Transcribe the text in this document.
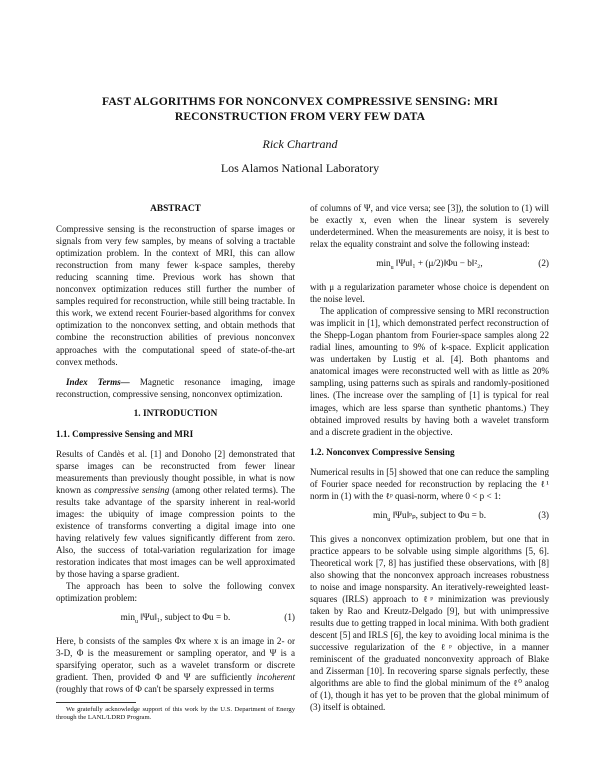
FAST ALGORITHMS FOR NONCONVEX COMPRESSIVE SENSING: MRI
RECONSTRUCTION FROM VERY FEW DATA
Rick Chartrand
Los Alamos National Laboratory
ABSTRACT

Compressive sensing is the reconstruction of sparse images or signals from very few samples, by means of solving a tractable optimization problem. In the context of MRI, this can allow reconstruction from many fewer k-space samples, thereby reducing scanning time. Previous work has shown that nonconvex optimization reduces still further the number of samples required for reconstruction, while still being tractable. In this work, we extend recent Fourier-based algorithms for convex optimization to the nonconvex setting, and obtain methods that combine the reconstruction abilities of previous nonconvex approaches with the computational speed of state-of-the-art convex methods.

Index Terms— Magnetic resonance imaging, image reconstruction, compressive sensing, nonconvex optimization.

1. INTRODUCTION
1.1. Compressive Sensing and MRI

Results of Candès et al. [1] and Donoho [2] demonstrated that sparse images can be reconstructed from fewer linear measurements than previously thought possible, in what is now known as compressive sensing (among other related terms). The results take advantage of the sparsity inherent in real-world images: the ubiquity of image compression points to the existence of transforms converting a digital image into one having relatively few values significantly different from zero. Also, the success of total-variation regularization for image restoration indicates that most images can be well approximated by those having a sparse gradient.

The approach has been to solve the following convex optimization problem:

$\min_u$ ‖Ψu‖₁, subject to Φu = b.	(1)

Here, b consists of the samples Φx where x is an image in 2- or 3-D, Φ is the measurement or sampling operator, and Ψ is a sparsifying operator, such as a wavelet transform or discrete gradient. Then, provided Φ and Ψ are sufficiently incoherent (roughly that rows of Φ can't be sparsely expressed in terms

We gratefully acknowledge support of this work by the U.S. Department of Energy through the LANL/LDRD Program.

of columns of Ψ, and vice versa; see [3]), the solution to (1) will be exactly x, even when the linear system is severely underdetermined. When the measurements are noisy, it is best to relax the equality constraint and solve the following instead:

$\min_u$ ‖Ψu‖₁ + (μ/2)‖Φu − b‖²₂,	(2)

with μ a regularization parameter whose choice is dependent on the noise level.

The application of compressive sensing to MRI reconstruction was implicit in [1], which demonstrated perfect reconstruction of the Shepp-Logan phantom from Fourier-space samples along 22 radial lines, amounting to 9% of k-space. Explicit application was undertaken by Lustig et al. [4]. Both phantoms and anatomical images were reconstructed well with as little as 20% sampling, using patterns such as spirals and randomly-positioned lines. (The increase over the sampling of [1] is typical for real images, which are less sparse than synthetic phantoms.) They obtained improved results by having both a wavelet transform and a discrete gradient in the objective.

1.2. Nonconvex Compressive Sensing

Numerical results in [5] showed that one can reduce the sampling of Fourier space needed for reconstruction by replacing the ℓ¹ norm in (1) with the ℓᵖ quasi-norm, where 0 < p < 1:

$\min_u$ ‖Ψu‖ᵖₚ, subject to Φu = b.	(3)

This gives a nonconvex optimization problem, but one that in practice appears to be solvable using simple algorithms [5, 6]. Theoretical work [7, 8] has justified these observations, with [8] also showing that the nonconvex approach increases robustness to noise and image nonsparsity. An iteratively-reweighted least-squares (IRLS) approach to ℓᵖ minimization was previously taken by Rao and Kreutz-Delgado [9], but with unimpressive results due to getting trapped in local minima. With both gradient descent [5] and IRLS [6], the key to avoiding local minima is the successive regularization of the ℓᵖ objective, in a manner reminiscent of the graduated nonconvexity approach of Blake and Zisserman [10]. In recovering sparse signals perfectly, these algorithms are able to find the global minimum of the ℓ⁰ analog of (1), though it has yet to be proven that the global minimum of (3) itself is obtained.
